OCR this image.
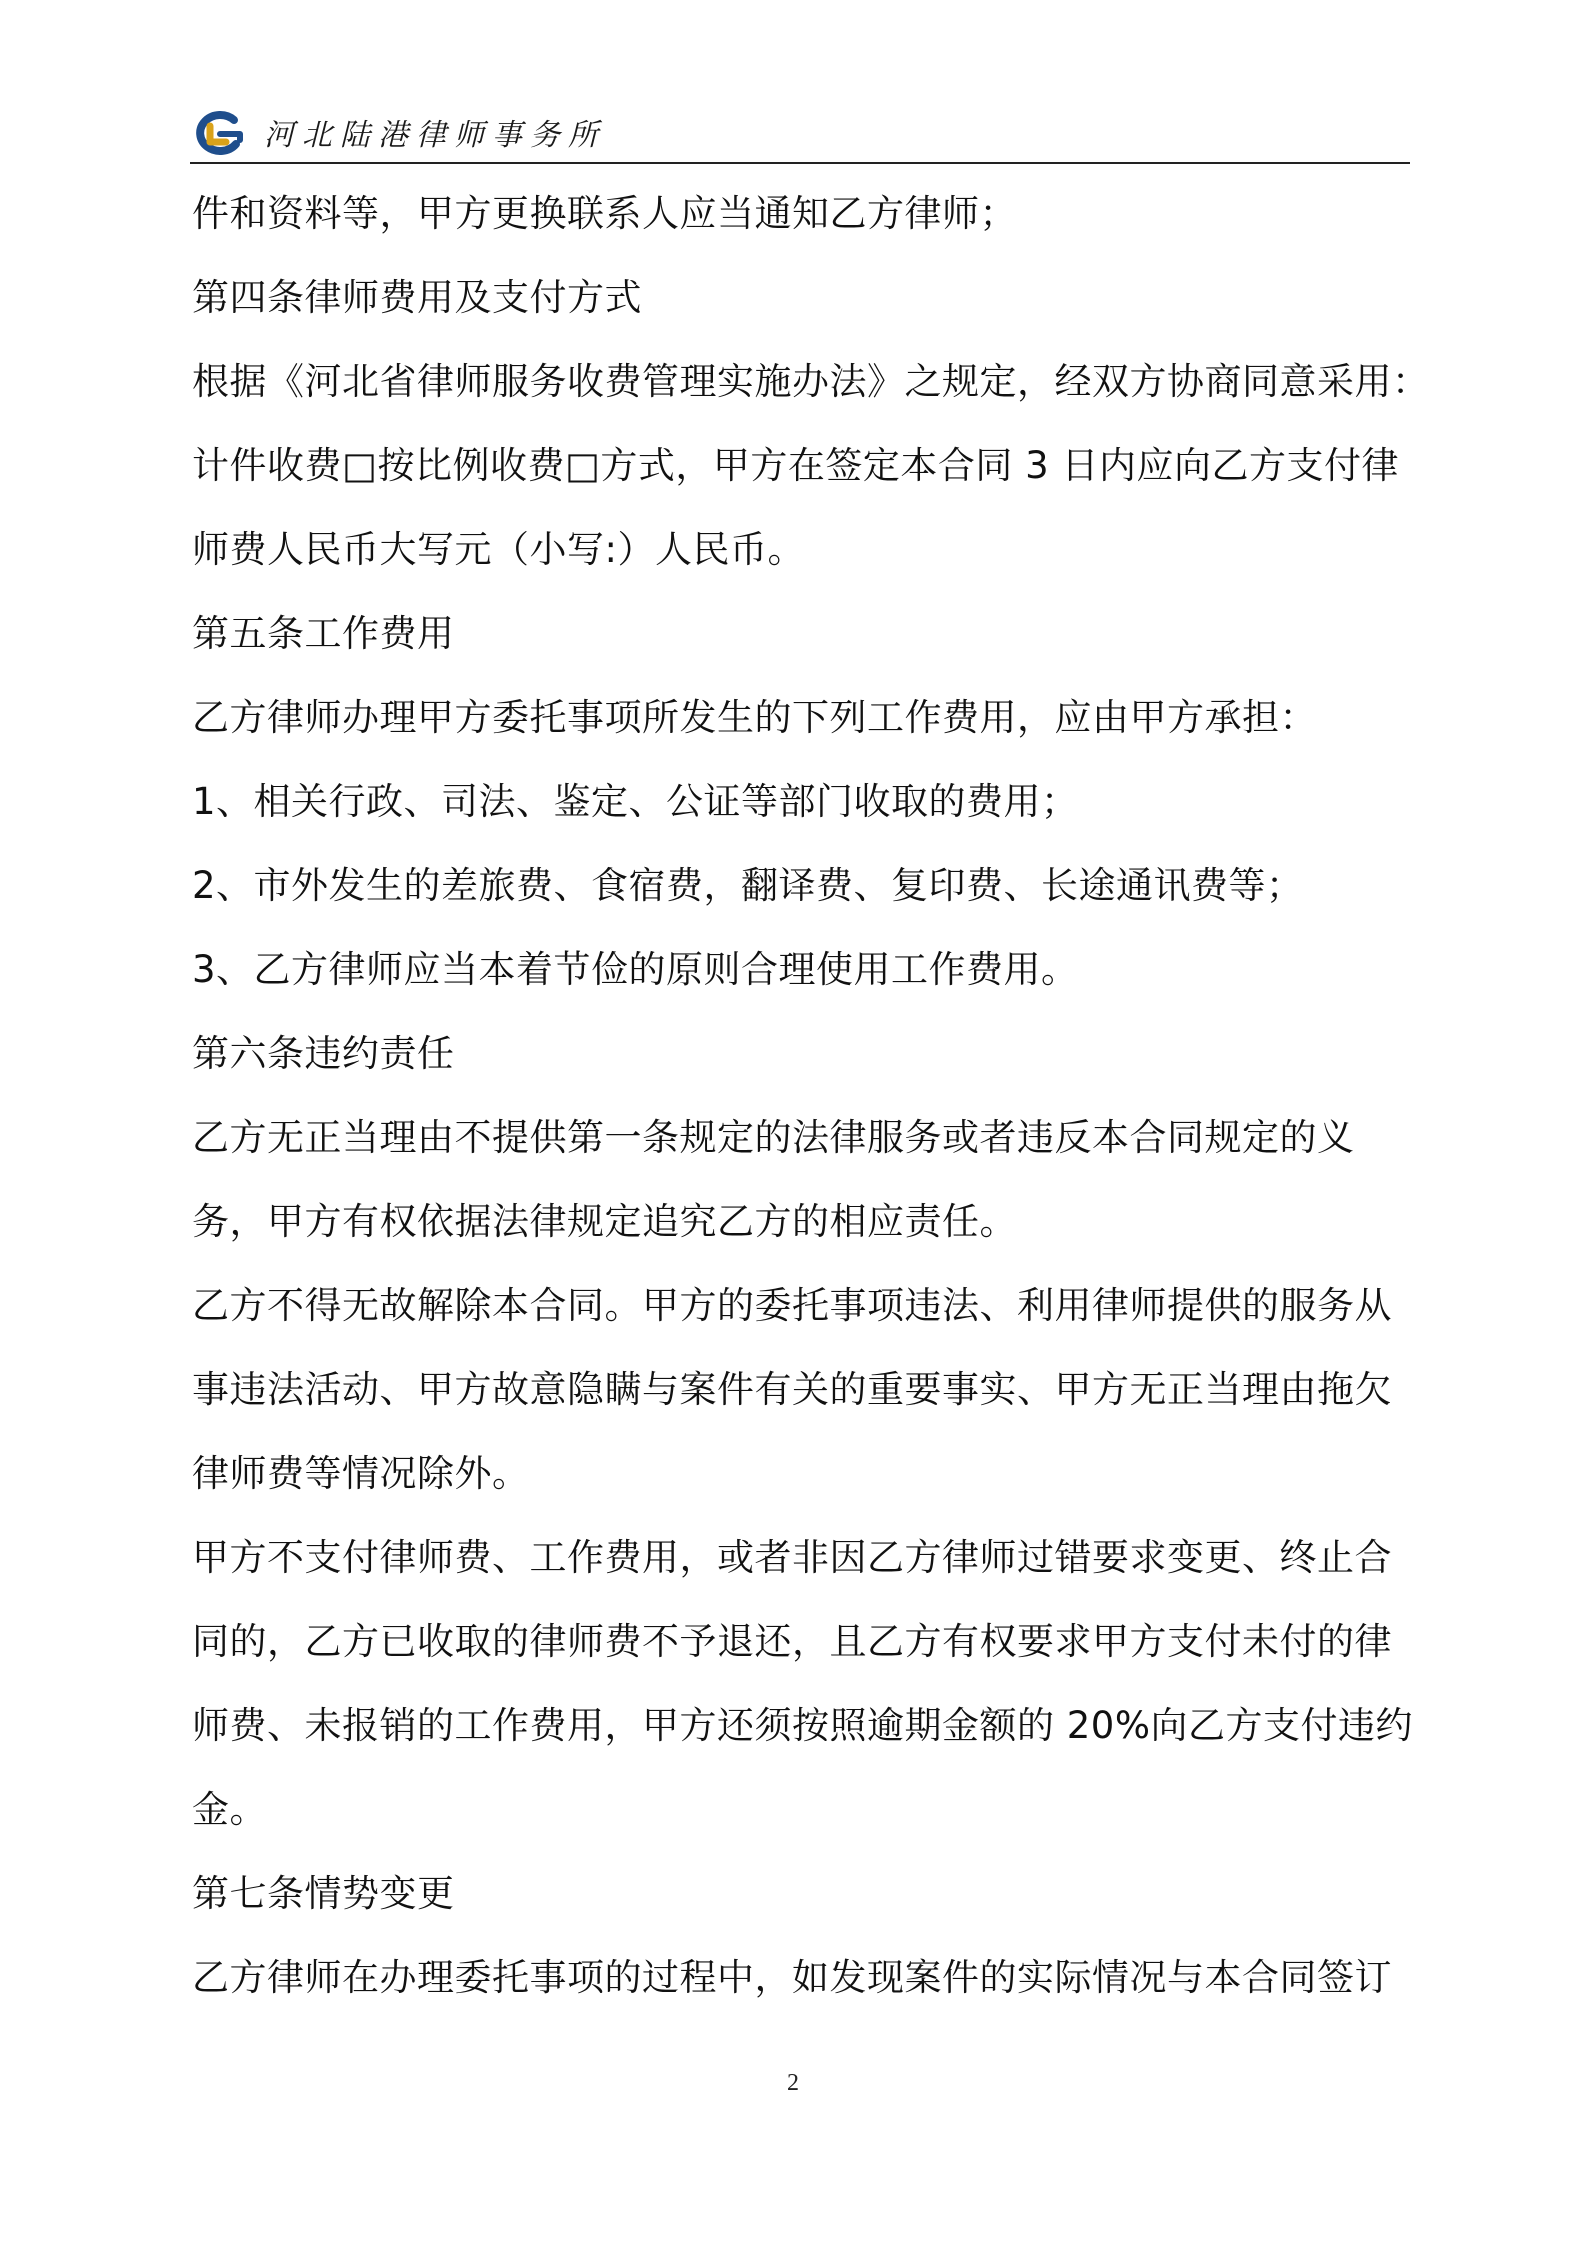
河北陆港律师事务所
件和资料等，甲方更换联系人应当通知乙方律师；
第四条律师费用及支付方式
根据《河北省律师服务收费管理实施办法》之规定，经双方协商同意采用：
计件收费□按比例收费□方式，甲方在签定本合同 3 日内应向乙方支付律
师费人民币大写元（小写:）人民币。
第五条工作费用
乙方律师办理甲方委托事项所发生的下列工作费用，应由甲方承担：
1、相关行政、司法、鉴定、公证等部门收取的费用；
2、市外发生的差旅费、食宿费，翻译费、复印费、长途通讯费等；
3、乙方律师应当本着节俭的原则合理使用工作费用。
第六条违约责任
乙方无正当理由不提供第一条规定的法律服务或者违反本合同规定的义
务，甲方有权依据法律规定追究乙方的相应责任。
乙方不得无故解除本合同。甲方的委托事项违法、利用律师提供的服务从
事违法活动、甲方故意隐瞒与案件有关的重要事实、甲方无正当理由拖欠
律师费等情况除外。
甲方不支付律师费、工作费用，或者非因乙方律师过错要求变更、终止合
同的，乙方已收取的律师费不予退还，且乙方有权要求甲方支付未付的律
师费、未报销的工作费用，甲方还须按照逾期金额的 20%向乙方支付违约
金。
第七条情势变更
乙方律师在办理委托事项的过程中，如发现案件的实际情况与本合同签订
2
